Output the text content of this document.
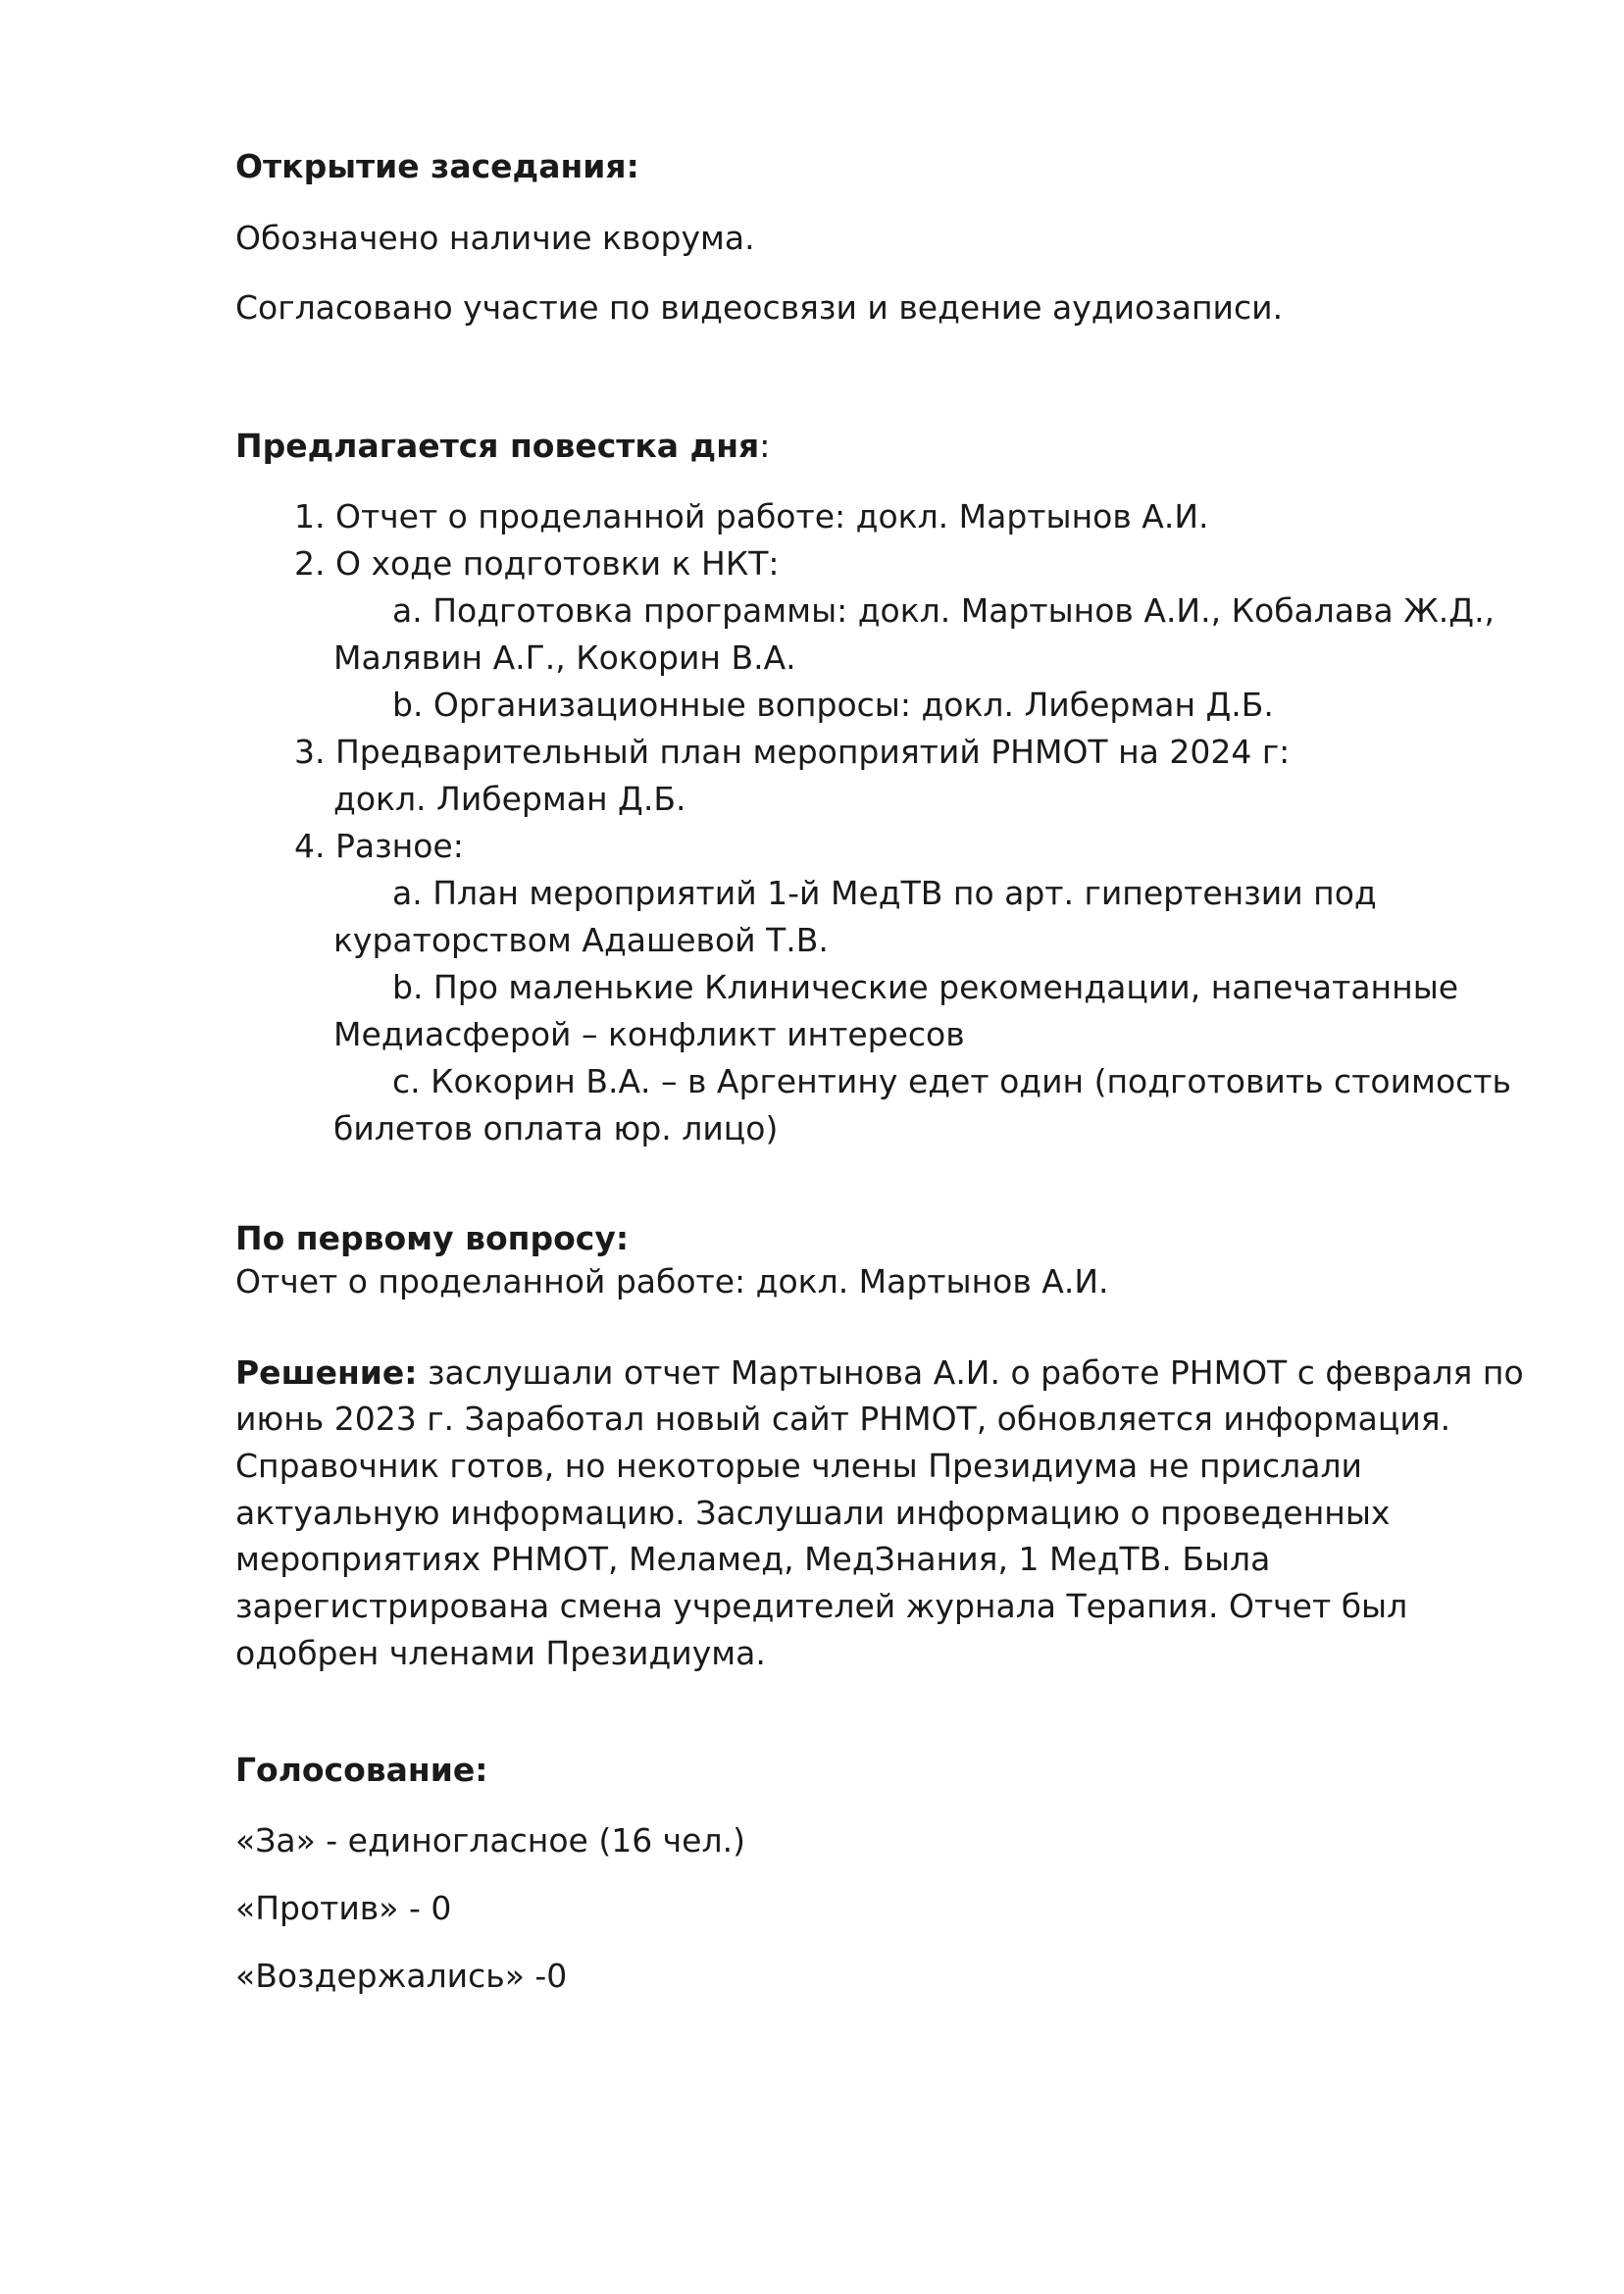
Открытие заседания:
Обозначено наличие кворума.
Согласовано участие по видеосвязи и ведение аудиозаписи.
Предлагается повестка дня:
1. Отчет о проделанной работе: докл. Мартынов А.И.
2. О ходе подготовки к НКТ:
a. Подготовка программы: докл. Мартынов А.И., Кобалава Ж.Д.,
Малявин А.Г., Кокорин В.А.
b. Организационные вопросы: докл. Либерман Д.Б.
3. Предварительный план мероприятий РНМОТ на 2024 г:
докл. Либерман Д.Б.
4. Разное:
a. План мероприятий 1-й МедТВ по арт. гипертензии под
кураторством Адашевой Т.В.
b. Про маленькие Клинические рекомендации, напечатанные
Медиасферой – конфликт интересов
c. Кокорин В.А. – в Аргентину едет один (подготовить стоимость
билетов оплата юр. лицо)
По первому вопросу:
Отчет о проделанной работе: докл. Мартынов А.И.
Решение: заслушали отчет Мартынова А.И. о работе РНМОТ с февраля по
июнь 2023 г. Заработал новый сайт РНМОТ, обновляется информация.
Справочник готов, но некоторые члены Президиума не прислали
актуальную информацию. Заслушали информацию о проведенных
мероприятиях РНМОТ, Меламед, МедЗнания, 1 МедТВ. Была
зарегистрирована смена учредителей журнала Терапия. Отчет был
одобрен членами Президиума.
Голосование:
«За» - единогласное (16 чел.)
«Против» - 0
«Воздержались» -0
